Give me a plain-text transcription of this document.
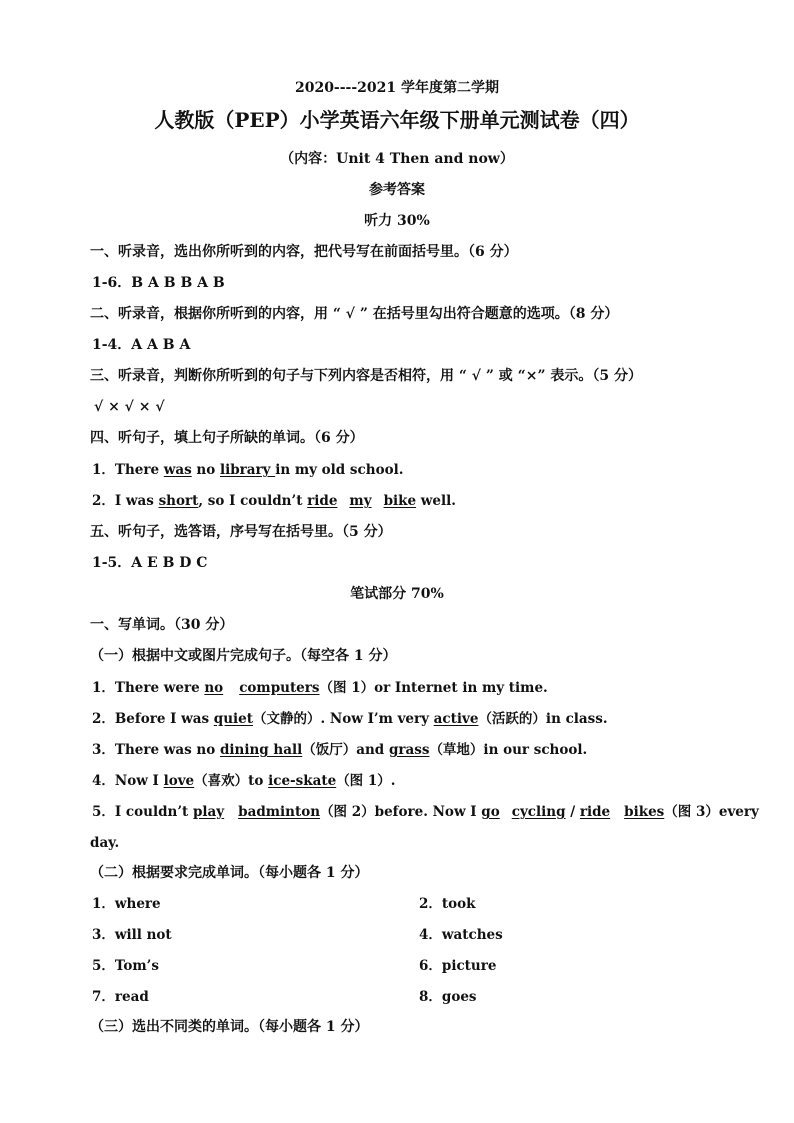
2020----2021 学年度第二学期
人教版（PEP）小学英语六年级下册单元测试卷（四）
（内容：Unit 4 Then and now）
参考答案
听力 30%
一、听录音，选出你所听到的内容，把代号写在前面括号里。（6 分）
1-6．B A B B A B
二、听录音，根据你所听到的内容，用 “ √ ” 在括号里勾出符合题意的选项。（8 分）
1-4．A A B A
三、听录音，判断你所听到的句子与下列内容是否相符，用 “ √ ” 或 “×” 表示。（5 分）
√ × √ × √
四、听句子，填上句子所缺的单词。（6 分）
1．There was no library in my old school.
2．I was short, so I couldn’t ride my bike well.
五、听句子，选答语，序号写在括号里。（5 分）
1-5．A E B D C
笔试部分 70%
一、写单词。（30 分）
（一）根据中文或图片完成句子。（每空各 1 分）
1．There were no computers（图 1）or Internet in my time.
2．Before I was quiet（文静的）. Now I’m very active（活跃的）in class.
3．There was no dining hall（饭厅）and grass（草地）in our school.
4．Now I love（喜欢）to ice-skate（图 1）.
5．I couldn’t play badminton（图 2）before. Now I go cycling / ride bikes（图 3）every
day.
（二）根据要求完成单词。（每小题各 1 分）
1．where	2．took
3．will not	4．watches
5．Tom’s	6．picture
7．read	8．goes
（三）选出不同类的单词。（每小题各 1 分）
